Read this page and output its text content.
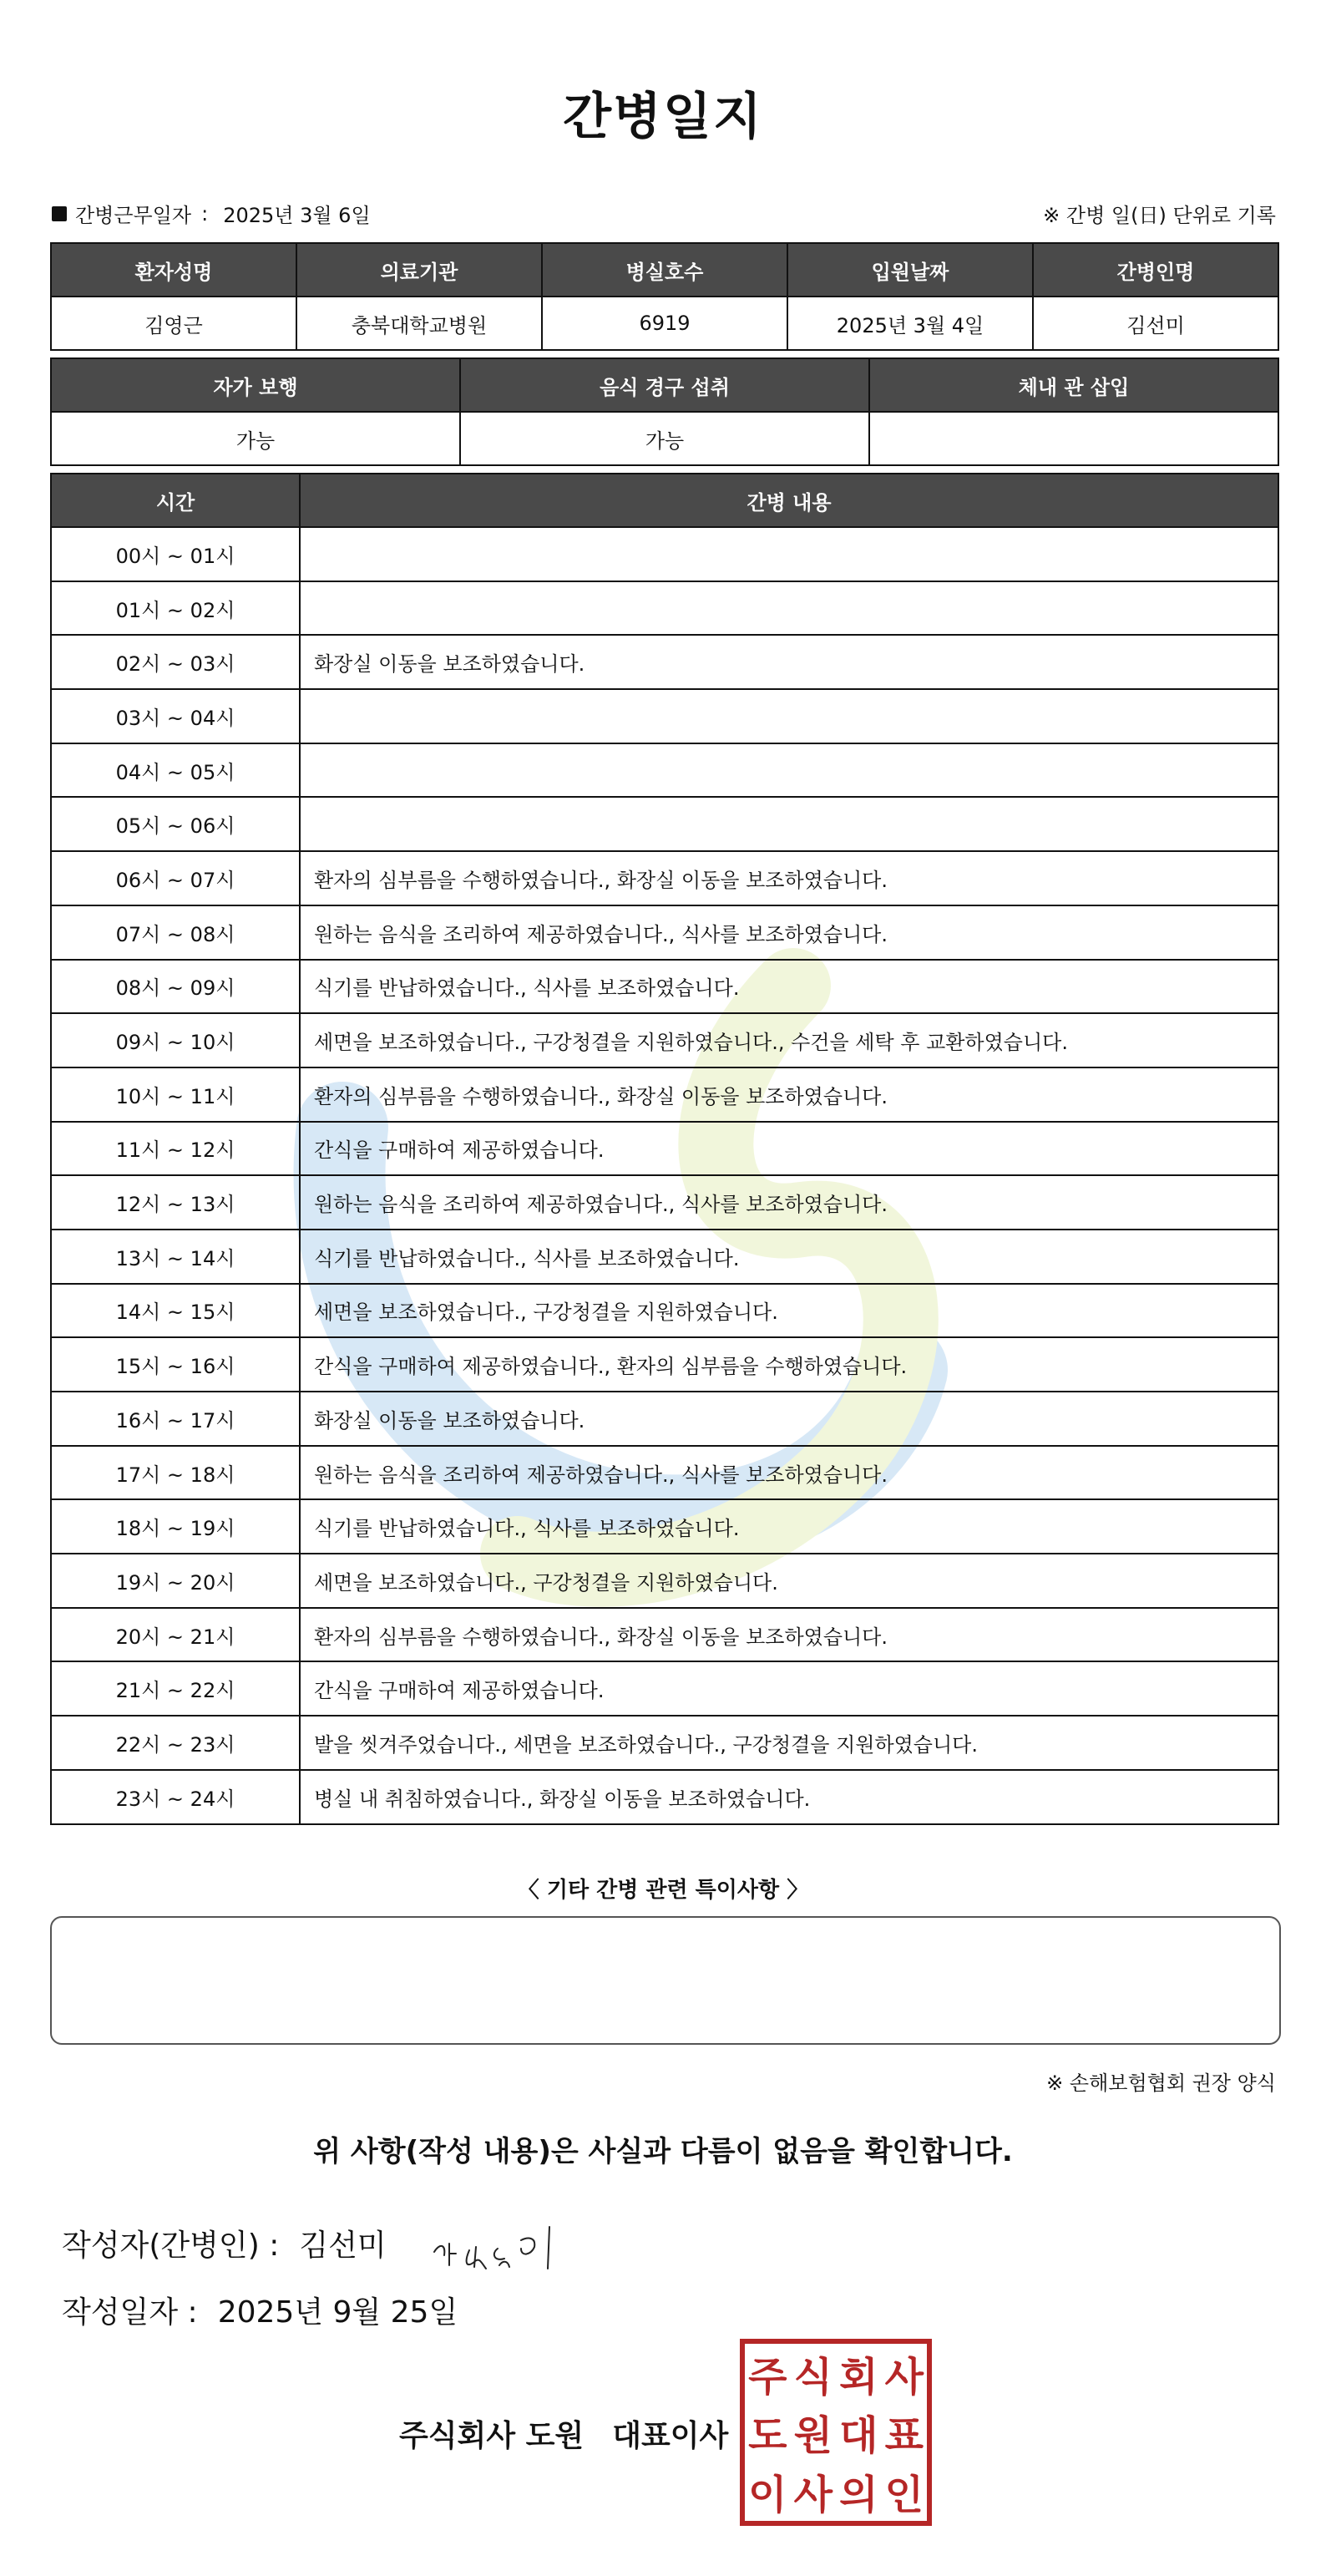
간병일지
간병근무일자 : 2025년 3월 6일	※ 간병 일(日) 단위로 기록
환자성명	의료기관	병실호수	입원날짜	간병인명
김영근	충북대학교병원	6919	2025년 3월 4일	김선미
자가 보행	음식 경구 섭취	체내 관 삽입
가능	가능	
시간	간병 내용
00시 ~ 01시	
01시 ~ 02시	
02시 ~ 03시	화장실 이동을 보조하였습니다.
03시 ~ 04시	
04시 ~ 05시	
05시 ~ 06시	
06시 ~ 07시	환자의 심부름을 수행하였습니다., 화장실 이동을 보조하였습니다.
07시 ~ 08시	원하는 음식을 조리하여 제공하였습니다., 식사를 보조하였습니다.
08시 ~ 09시	식기를 반납하였습니다., 식사를 보조하였습니다.
09시 ~ 10시	세면을 보조하였습니다., 구강청결을 지원하였습니다., 수건을 세탁 후 교환하였습니다.
10시 ~ 11시	환자의 심부름을 수행하였습니다., 화장실 이동을 보조하였습니다.
11시 ~ 12시	간식을 구매하여 제공하였습니다.
12시 ~ 13시	원하는 음식을 조리하여 제공하였습니다., 식사를 보조하였습니다.
13시 ~ 14시	식기를 반납하였습니다., 식사를 보조하였습니다.
14시 ~ 15시	세면을 보조하였습니다., 구강청결을 지원하였습니다.
15시 ~ 16시	간식을 구매하여 제공하였습니다., 환자의 심부름을 수행하였습니다.
16시 ~ 17시	화장실 이동을 보조하였습니다.
17시 ~ 18시	원하는 음식을 조리하여 제공하였습니다., 식사를 보조하였습니다.
18시 ~ 19시	식기를 반납하였습니다., 식사를 보조하였습니다.
19시 ~ 20시	세면을 보조하였습니다., 구강청결을 지원하였습니다.
20시 ~ 21시	환자의 심부름을 수행하였습니다., 화장실 이동을 보조하였습니다.
21시 ~ 22시	간식을 구매하여 제공하였습니다.
22시 ~ 23시	발을 씻겨주었습니다., 세면을 보조하였습니다., 구강청결을 지원하였습니다.
23시 ~ 24시	병실 내 취침하였습니다., 화장실 이동을 보조하였습니다.
〈 기타 간병 관련 특이사항 〉
※ 손해보험협회 권장 양식
위 사항(작성 내용)은 사실과 다름이 없음을 확인합니다.
작성자(간병인) : 김선미
작성일자 : 2025년 9월 25일
주식회사 도원 대표이사
주 식 회 사
도 원 대 표
이 사 의 인
